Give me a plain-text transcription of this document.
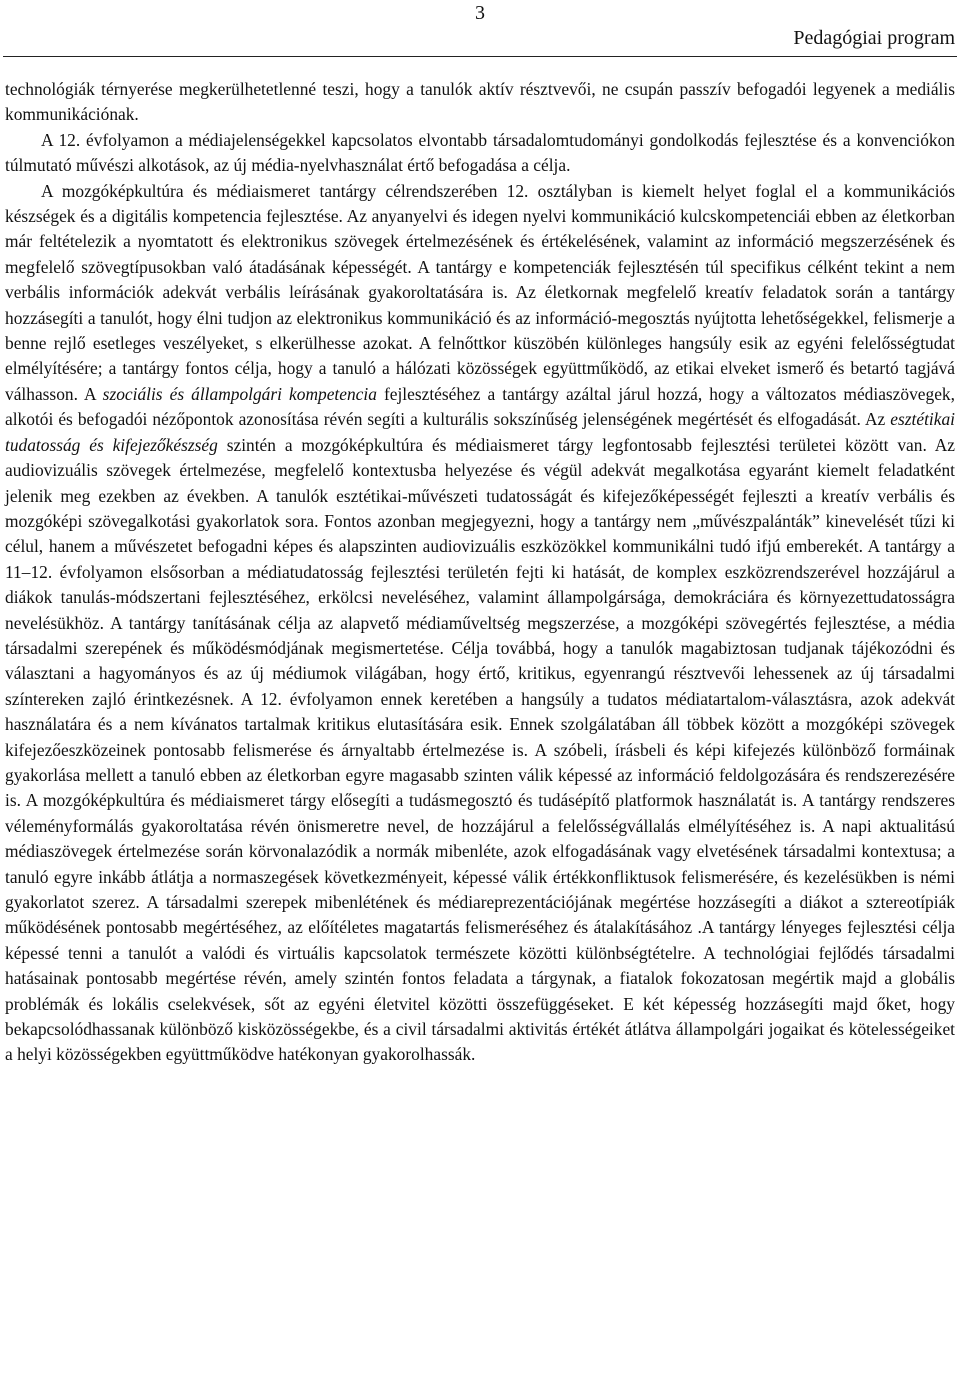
3
Pedagógiai program

technológiák térnyerése megkerülhetetlenné teszi, hogy a tanulók aktív résztvevői, ne csupán passzív befogadói legyenek a mediális kommunikációnak.

A 12. évfolyamon a médiajelenségekkel kapcsolatos elvontabb társadalomtudományi gondolkodás fejlesztése és a konvenciókon túlmutató művészi alkotások, az új média-nyelvhasználat értő befogadása a célja.

A mozgóképkultúra és médiaismeret tantárgy célrendszerében 12. osztályban is kiemelt helyet foglal el a kommunikációs készségek és a digitális kompetencia fejlesztése. Az anyanyelvi és idegen nyelvi kommunikáció kulcskompetenciái ebben az életkorban már feltételezik a nyomtatott és elektronikus szövegek értelmezésének és értékelésének, valamint az információ megszerzésének és megfelelő szövegtípusokban való átadásának képességét. A tantárgy e kompetenciák fejlesztésén túl specifikus célként tekint a nem verbális információk adekvát verbális leírásának gyakoroltatására is. Az életkornak megfelelő kreatív feladatok során a tantárgy hozzásegíti a tanulót, hogy élni tudjon az elektronikus kommunikáció és az információ-megosztás nyújtotta lehetőségekkel, felismerje a benne rejlő esetleges veszélyeket, s elkerülhesse azokat. A felnőttkor küszöbén különleges hangsúly esik az egyéni felelősségtudat elmélyítésére; a tantárgy fontos célja, hogy a tanuló a hálózati közösségek együttműködő, az etikai elveket ismerő és betartó tagjává válhasson. A szociális és állampolgári kompetencia fejlesztéséhez a tantárgy azáltal járul hozzá, hogy a változatos médiaszövegek, alkotói és befogadói nézőpontok azonosítása révén segíti a kulturális sokszínűség jelenségének megértését és elfogadását. Az esztétikai tudatosság és kifejezőkészség szintén a mozgóképkultúra és médiaismeret tárgy legfontosabb fejlesztési területei között van. Az audiovizuális szövegek értelmezése, megfelelő kontextusba helyezése és végül adekvát megalkotása egyaránt kiemelt feladatként jelenik meg ezekben az években. A tanulók esztétikai-művészeti tudatosságát és kifejezőképességét fejleszti a kreatív verbális és mozgóképi szövegalkotási gyakorlatok sora. Fontos azonban megjegyezni, hogy a tantárgy nem „művészpalántákˮ kinevelését tűzi ki célul, hanem a művészetet befogadni képes és alapszinten audiovizuális eszközökkel kommunikálni tudó ifjú emberekét. A tantárgy a 11–12. évfolyamon elsősorban a médiatudatosság fejlesztési területén fejti ki hatását, de komplex eszközrendszerével hozzájárul a diákok tanulás-módszertani fejlesztéséhez, erkölcsi neveléséhez, valamint állampolgársága, demokráciára és környezettudatosságra nevelésükhöz. A tantárgy tanításának célja az alapvető médiaműveltség megszerzése, a mozgóképi szövegértés fejlesztése, a média társadalmi szerepének és működésmódjának megismertetése. Célja továbbá, hogy a tanulók magabiztosan tudjanak tájékozódni és választani a hagyományos és az új médiumok világában, hogy értő, kritikus, egyenrangú résztvevői lehessenek az új társadalmi színtereken zajló érintkezésnek. A 12. évfolyamon ennek keretében a hangsúly a tudatos médiatartalom-választásra, azok adekvát használatára és a nem kívánatos tartalmak kritikus elutasítására esik. Ennek szolgálatában áll többek között a mozgóképi szövegek kifejezőeszközeinek pontosabb felismerése és árnyaltabb értelmezése is. A szóbeli, írásbeli és képi kifejezés különböző formáinak gyakorlása mellett a tanuló ebben az életkorban egyre magasabb szinten válik képessé az információ feldolgozására és rendszerezésére is. A mozgóképkultúra és médiaismeret tárgy elősegíti a tudásmegosztó és tudásépítő platformok használatát is. A tantárgy rendszeres véleményformálás gyakoroltatása révén önismeretre nevel, de hozzájárul a felelősségvállalás elmélyítéséhez is. A napi aktualitású médiaszövegek értelmezése során körvonalazódik a normák mibenléte, azok elfogadásának vagy elvetésének társadalmi kontextusa; a tanuló egyre inkább átlátja a normaszegések következményeit, képessé válik értékkonfliktusok felismerésére, és kezelésükben is némi gyakorlatot szerez. A társadalmi szerepek mibenlétének és médiareprezentációjának megértése hozzásegíti a diákot a sztereotípiák működésének pontosabb megértéséhez, az előítéletes magatartás felismeréséhez és átalakításához .A tantárgy lényeges fejlesztési célja képessé tenni a tanulót a valódi és virtuális kapcsolatok természete közötti különbségtételre. A technológiai fejlődés társadalmi hatásainak pontosabb megértése révén, amely szintén fontos feladata a tárgynak, a fiatalok fokozatosan megértik majd a globális problémák és lokális cselekvések, sőt az egyéni életvitel közötti összefüggéseket. E két képesség hozzásegíti majd őket, hogy bekapcsolódhassanak különböző kisközösségekbe, és a civil társadalmi aktivitás értékét átlátva állampolgári jogaikat és kötelességeiket a helyi közösségekben együttműködve hatékonyan gyakorolhassák.
